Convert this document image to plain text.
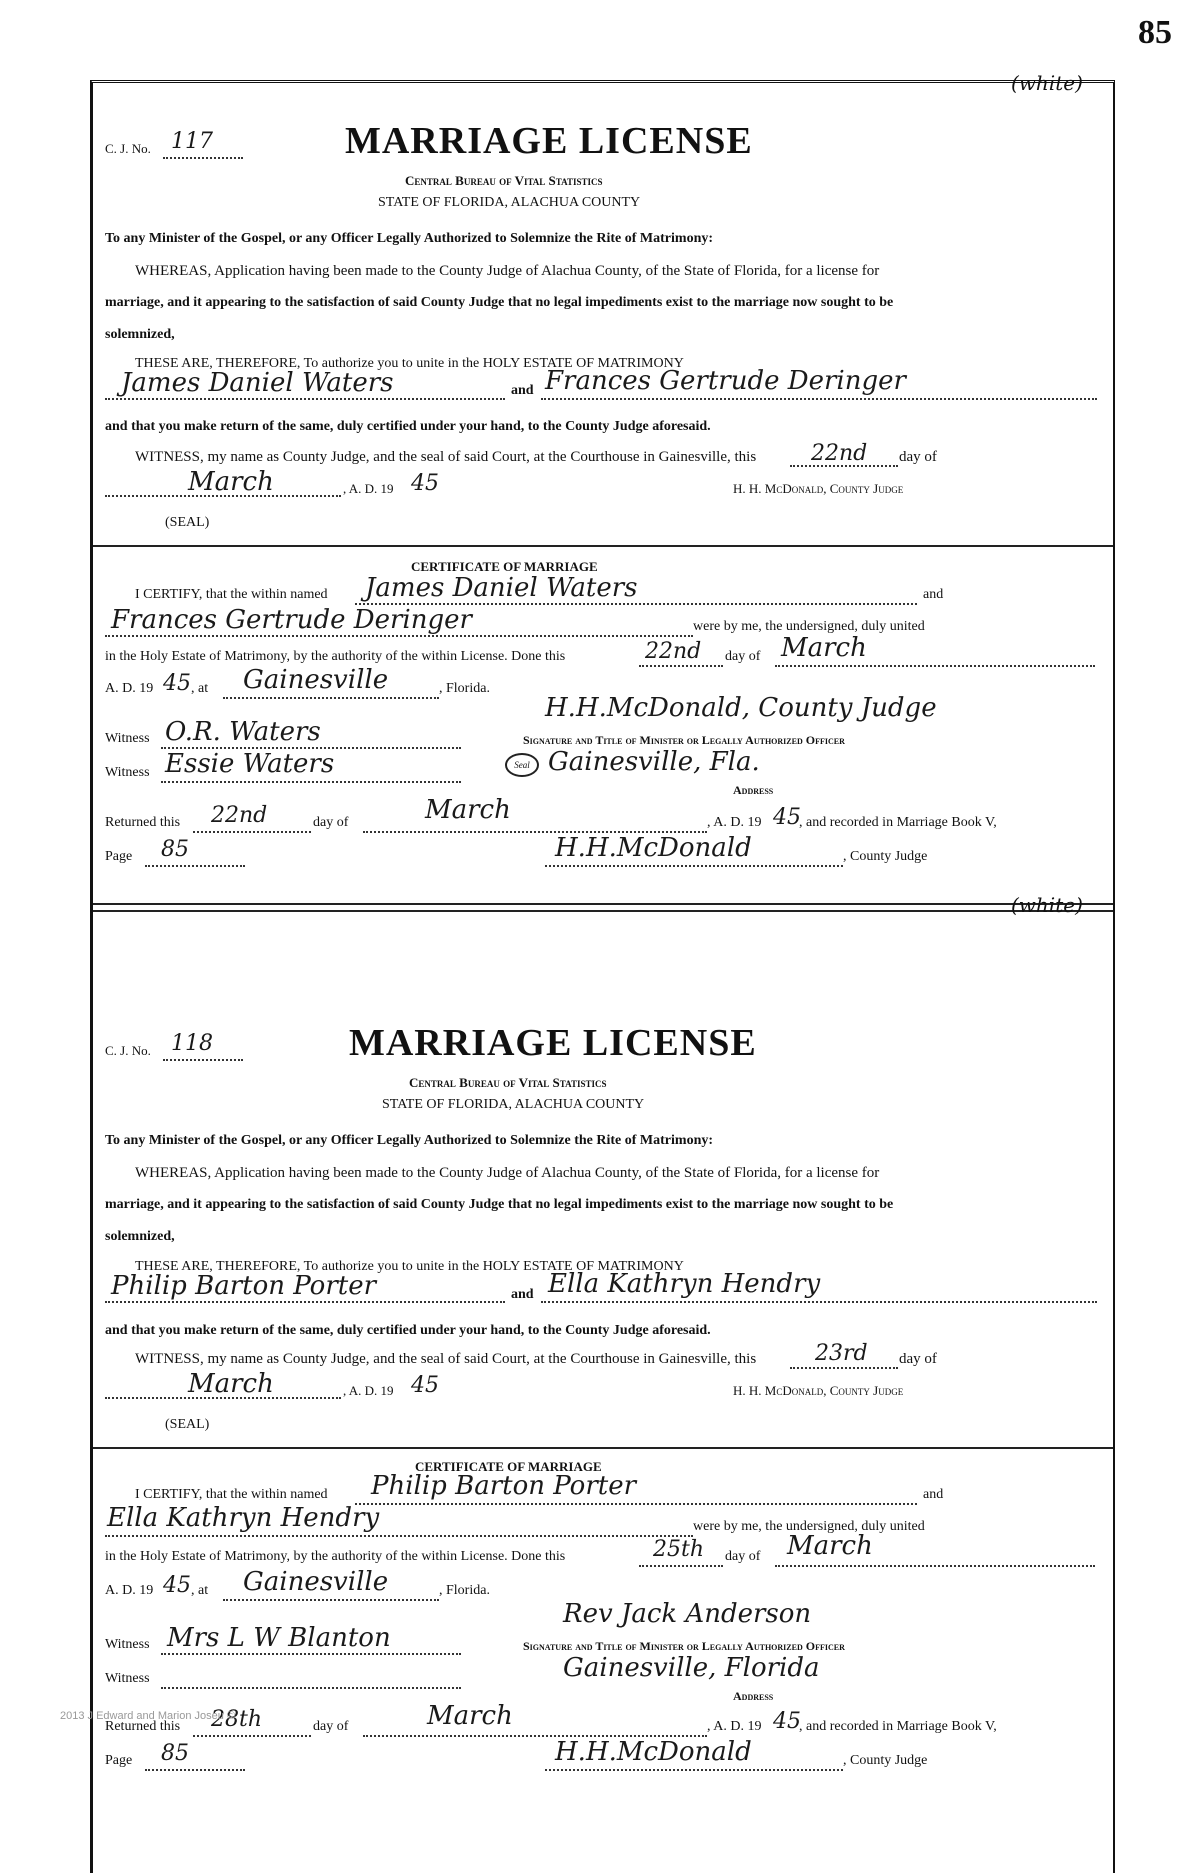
85
(white)
C. J. No. 117	MARRIAGE LICENSE
Central Bureau of Vital Statistics
STATE OF FLORIDA, ALACHUA COUNTY
To any Minister of the Gospel, or any Officer Legally Authorized to Solemnize the Rite of Matrimony:
WHEREAS, Application having been made to the County Judge of Alachua County, of the State of Florida, for a license for
marriage, and it appearing to the satisfaction of said County Judge that no legal impediments exist to the marriage now sought to be
solemnized,
THESE ARE, THEREFORE, To authorize you to unite in the HOLY ESTATE OF MATRIMONY
James Daniel Waters	and Frances Gertrude Deringer
and that you make return of the same, duly certified under your hand, to the County Judge aforesaid.
WITNESS, my name as County Judge, and the seal of said Court, at the Courthouse in Gainesville, this 22nd day of
March	, A. D. 19 45	H. H. McDonald, County Judge
(SEAL)
CERTIFICATE OF MARRIAGE
I CERTIFY, that the within named James Daniel Waters	and
Frances Gertrude Deringer	were by me, the undersigned, duly united
in the Holy Estate of Matrimony, by the authority of the within License. Done this	22nd day of March
A. D. 19 45 , at Gainesville	, Florida.
H.H.McDonald, County Judge
Witness O.R. Waters	Signature and Title of Minister or Legally Authorized Officer
Witness Essie Waters	Seal Gainesville, Fla.
Address
Returned this 22nd	day of	March	, A. D. 19 45
, and recorded in Marriage Book V,
Page 85	H.H.McDonald	, County Judge
(white)
C. J. No. 118	MARRIAGE LICENSE
Central Bureau of Vital Statistics
STATE OF FLORIDA, ALACHUA COUNTY
To any Minister of the Gospel, or any Officer Legally Authorized to Solemnize the Rite of Matrimony:
WHEREAS, Application having been made to the County Judge of Alachua County, of the State of Florida, for a license for
marriage, and it appearing to the satisfaction of said County Judge that no legal impediments exist to the marriage now sought to be
solemnized,
THESE ARE, THEREFORE, To authorize you to unite in the HOLY ESTATE OF MATRIMONY
Philip Barton Porter	and Ella Kathryn Hendry
and that you make return of the same, duly certified under your hand, to the County Judge aforesaid.
WITNESS, my name as County Judge, and the seal of said Court, at the Courthouse in Gainesville, this	23rd day of
March	, A. D. 19 45	H. H. McDonald, County Judge
(SEAL)
CERTIFICATE OF MARRIAGE
I CERTIFY, that the within named Philip Barton Porter	and
Ella Kathryn Hendry	were by me, the undersigned, duly united
in the Holy Estate of Matrimony, by the authority of the within License. Done this	25th day of March
A. D. 19 45 , at Gainesville	, Florida.
Rev Jack Anderson
Witness Mrs L W Blanton	Signature and Title of Minister or Legally Authorized Officer
Witness	Gainesville, Florida
Address
Returned this 28th	day of	March	, A. D. 19 45
, and recorded in Marriage Book V,
Page 85	H.H.McDonald	, County Judge
2013 J Edward and Marion Joseu ©
